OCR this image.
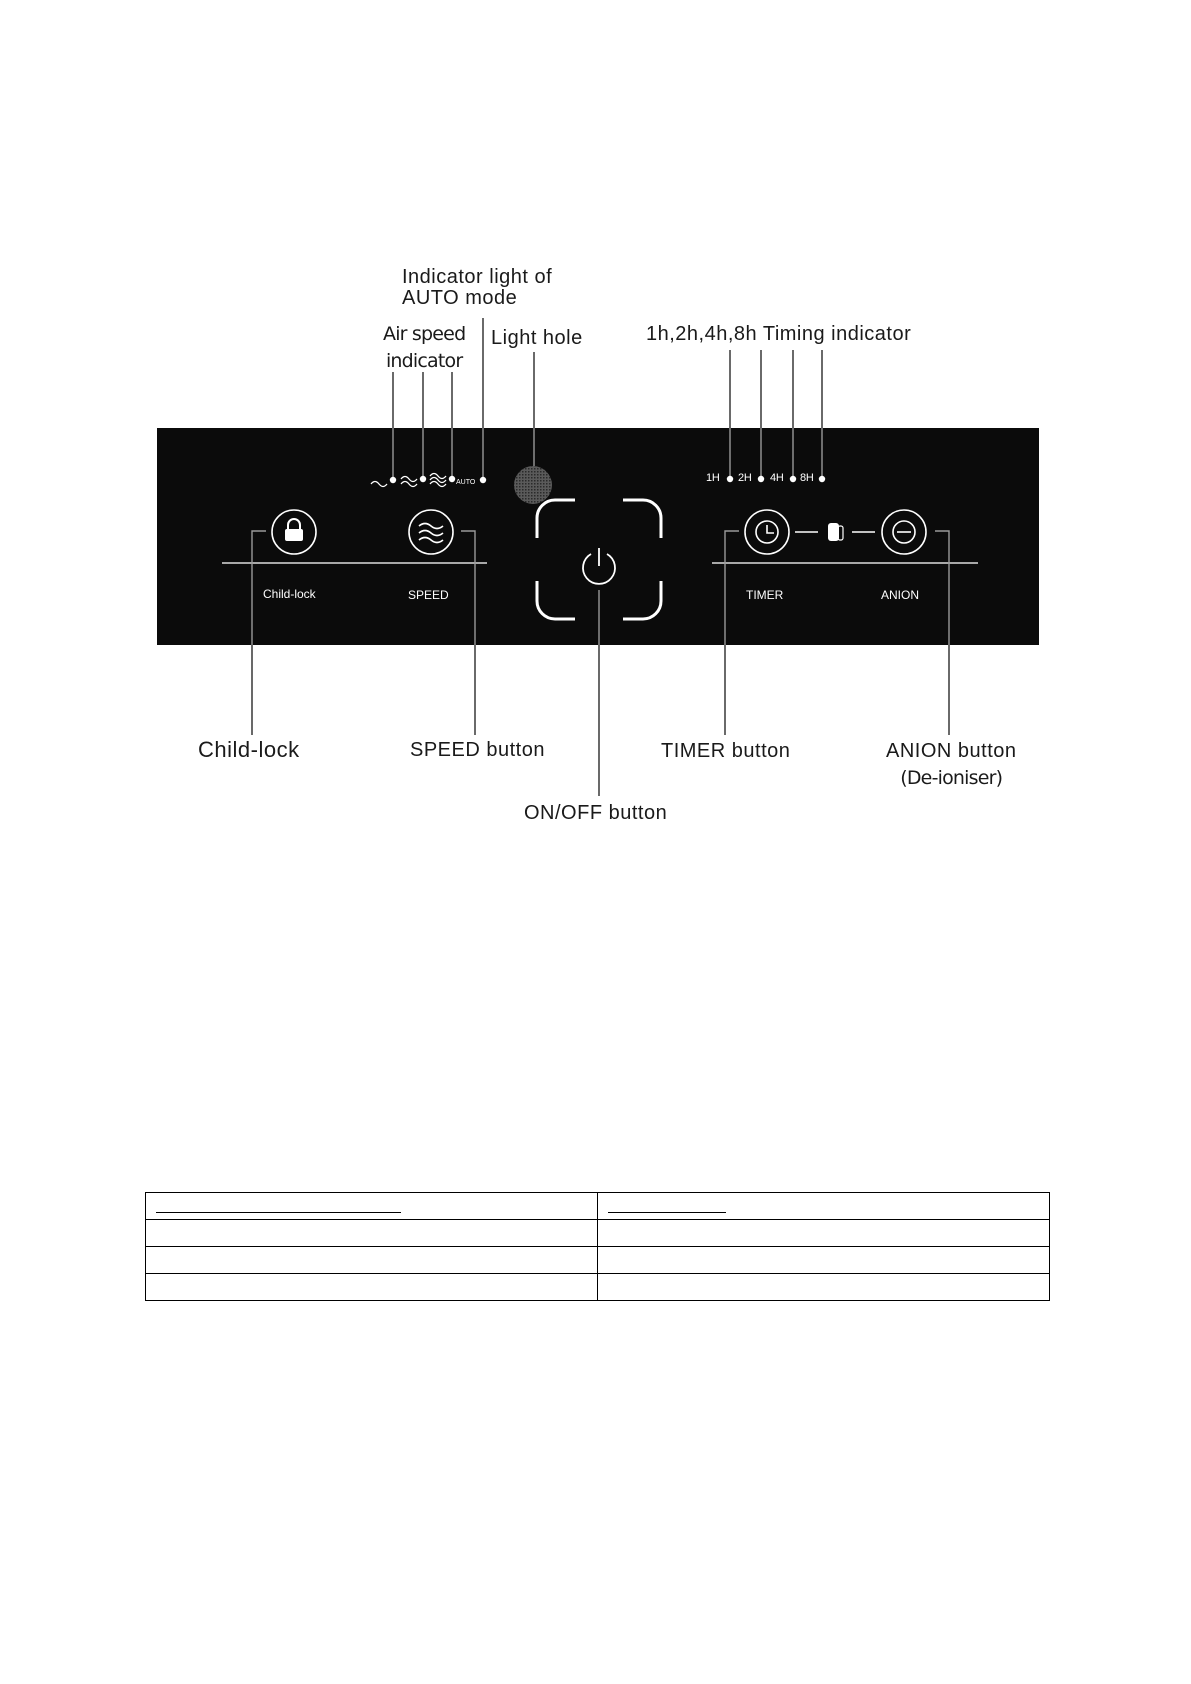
Child-lock	SPEED	TIMER	ANION
AUTO	1H 2H 4H 8H
Indicator light of
AUTO mode
Air speed
indicator
Light hole	1h,2h,4h,8h Timing indicator
Child-lock	SPEED button	TIMER button	ANION button
(De-ioniser)
ON/OFF button
